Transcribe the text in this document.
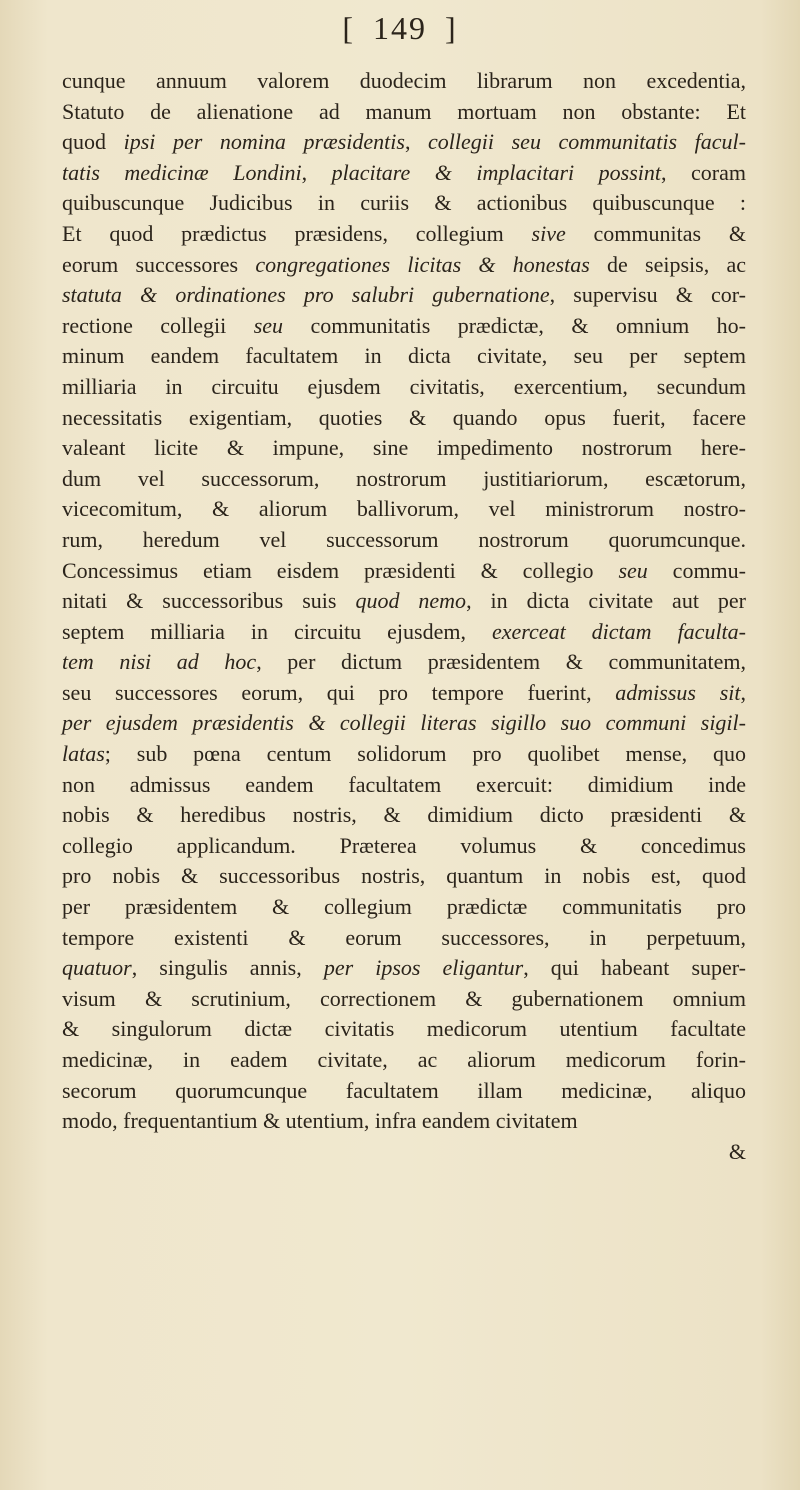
[ 149 ]
cunque annuum valorem duodecim librarum non excedentia,
Statuto de alienatione ad manum mortuam non obstante: Et
quod ipsi per nomina præsidentis, collegii seu communitatis facul-
tatis medicinæ Londini, placitare & implacitari possint, coram
quibuscunque Judicibus in curiis & actionibus quibuscunque :
Et quod prædictus præsidens, collegium sive communitas &
eorum successores congregationes licitas & honestas de seipsis, ac
statuta & ordinationes pro salubri gubernatione, supervisu & cor-
rectione collegii seu communitatis prædictæ, & omnium ho-
minum eandem facultatem in dicta civitate, seu per septem
milliaria in circuitu ejusdem civitatis, exercentium, secundum
necessitatis exigentiam, quoties & quando opus fuerit, facere
valeant licite & impune, sine impedimento nostrorum here-
dum vel successorum, nostrorum justitiariorum, escætorum,
vicecomitum, & aliorum ballivorum, vel ministrorum nostro-
rum, heredum vel successorum nostrorum quorumcunque.
Concessimus etiam eisdem præsidenti & collegio seu commu-
nitati & successoribus suis quod nemo, in dicta civitate aut per
septem milliaria in circuitu ejusdem, exerceat dictam faculta-
tem nisi ad hoc, per dictum præsidentem & communitatem,
seu successores eorum, qui pro tempore fuerint, admissus sit,
per ejusdem præsidentis & collegii literas sigillo suo communi sigil-
latas; sub pœna centum solidorum pro quolibet mense, quo
non admissus eandem facultatem exercuit: dimidium inde
nobis & heredibus nostris, & dimidium dicto præsidenti &
collegio applicandum. Præterea volumus & concedimus
pro nobis & successoribus nostris, quantum in nobis est, quod
per præsidentem & collegium prædictæ communitatis pro
tempore existenti & eorum successores, in perpetuum,
quatuor, singulis annis, per ipsos eligantur, qui habeant super-
visum & scrutinium, correctionem & gubernationem omnium
& singulorum dictæ civitatis medicorum utentium facultate
medicinæ, in eadem civitate, ac aliorum medicorum forin-
secorum quorumcunque facultatem illam medicinæ, aliquo
modo, frequentantium & utentium, infra eandem civitatem
&
